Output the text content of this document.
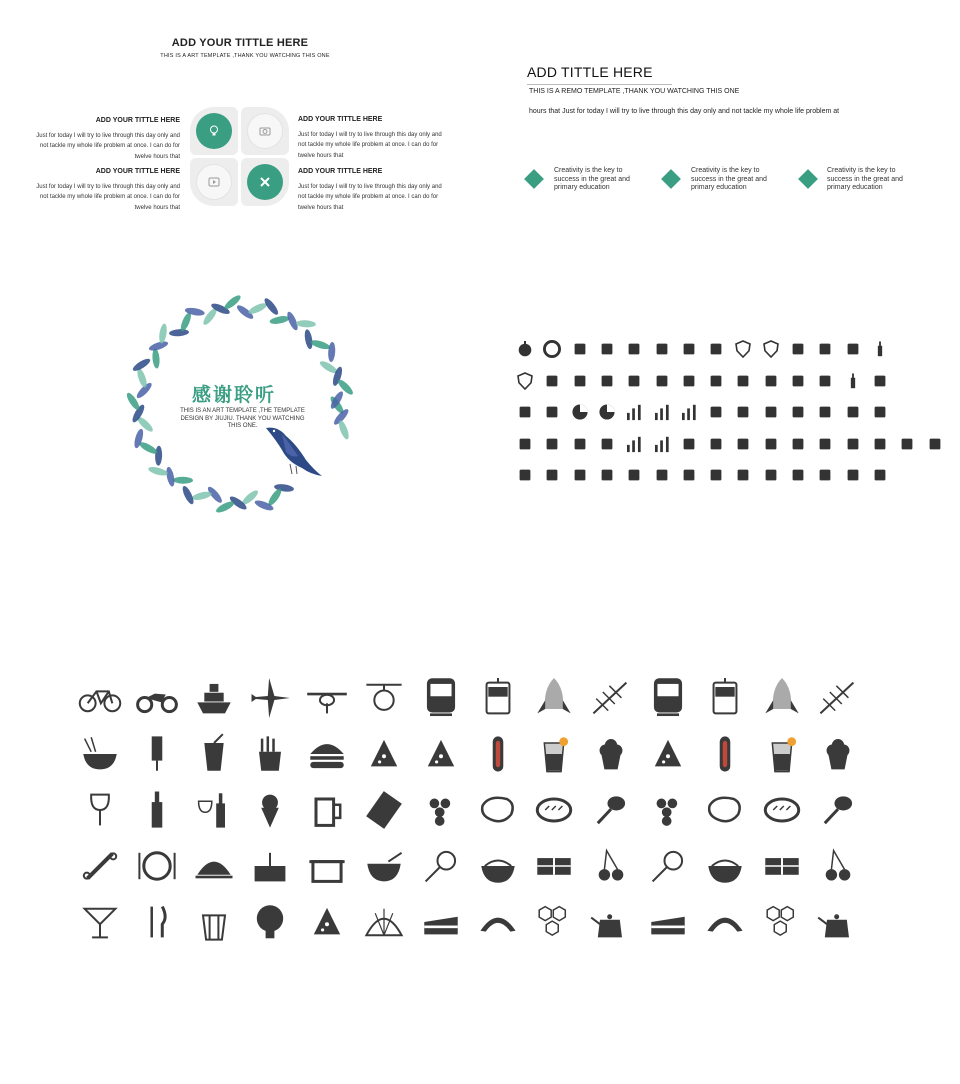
ADD YOUR TITTLE HERE
THIS IS A ART TEMPLATE ,THANK YOU WATCHING THIS ONE
ADD YOUR TITTLE HERE
Just for today I will try to live through this day only and
not tackle my whole life problem at once. I can do for
twelve hours that
ADD YOUR TITTLE HERE
Just for today I will try to live through this day only and
not tackle my whole life problem at once. I can do for
twelve hours that
ADD YOUR TITTLE HERE
Just for today I will try to live through this day only and
not tackle my whole life problem at once. I can do for
twelve hours that
ADD YOUR TITTLE HERE
Just for today I will try to live through this day only and
not tackle my whole life problem at once. I can do for
twelve hours that
ADD TITTLE HERE
THIS IS A REMO TEMPLATE ,THANK YOU WATCHING THIS ONE
hours that Just for today I will try to live through this day only and not tackle my whole life problem at
Creativity is the key to
success in the great and
primary education
Creativity is the key to
success in the great and
primary education
Creativity is the key to
success in the great and
primary education
感谢聆听
THIS IS AN ART TEMPLATE ,THE TEMPLATE
DESIGN BY JIUJIU. THANK YOU WATCHING
THIS ONE.
